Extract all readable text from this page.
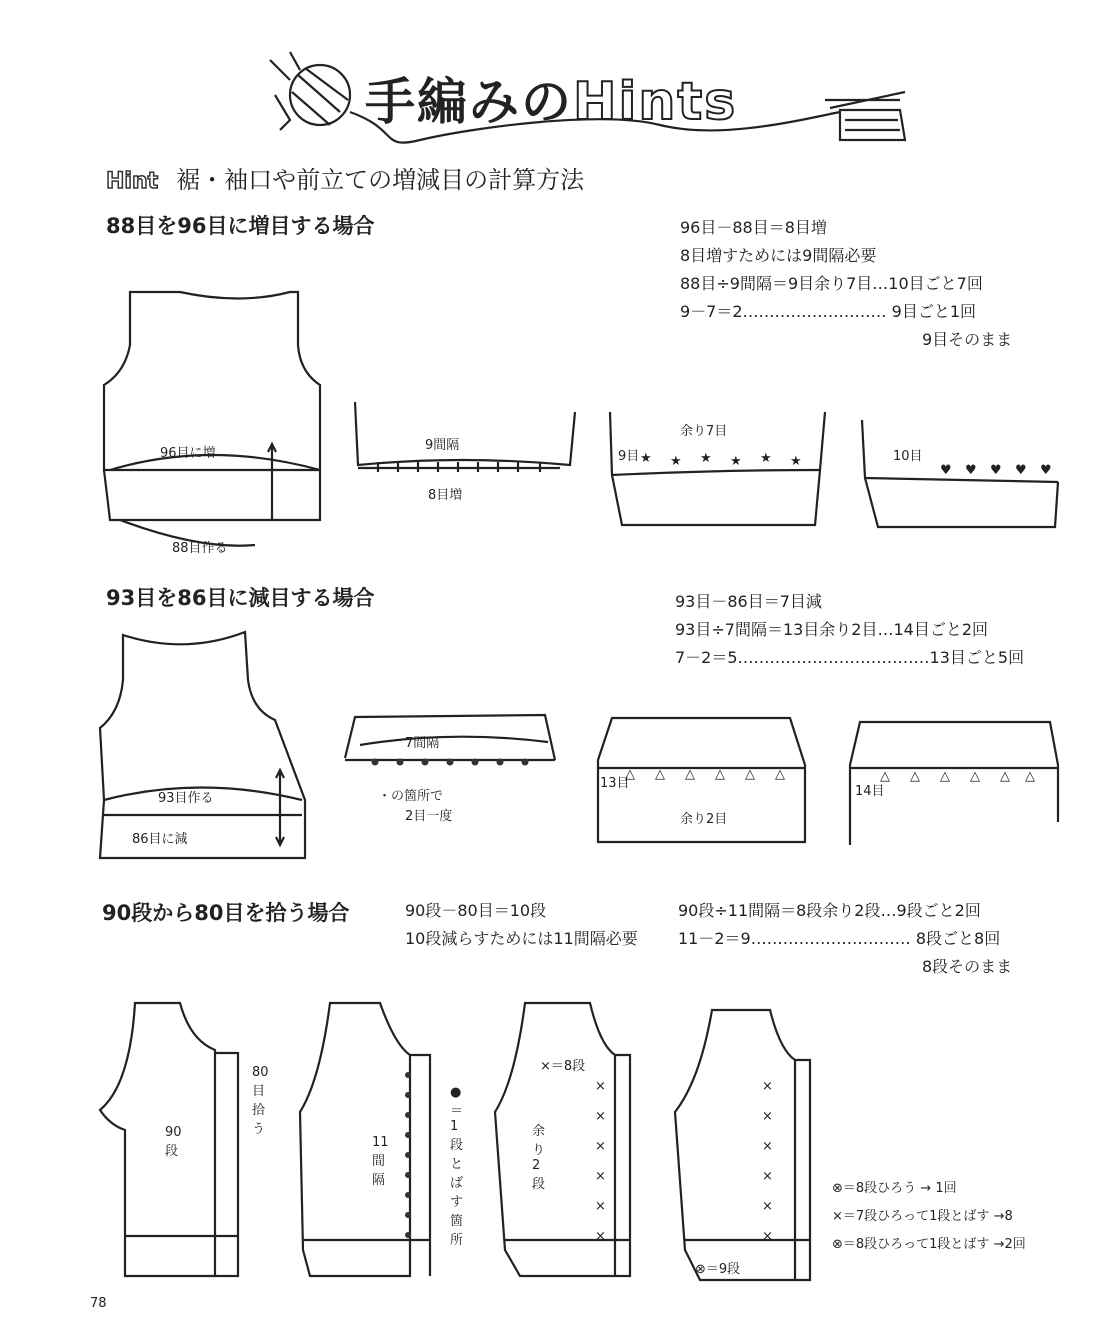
★ ★ ★ ★ ★ ★
♥ ♥ ♥ ♥ ♥
△ △ △ △ △ △	△ △ △ △ △ △
×
×
×
×
×
×
×
×
×
×
×
×
手編みのHints
Hint 裾・袖口や前立ての増減目の計算方法
88目を96目に増目する場合	96目－88目＝8目増
8目増すためには9間隔必要
88目÷9間隔＝9目余り7目…10目ごと7回
9－7＝2……………………… 9目ごと1回
9目そのまま
96目に増
88目作る
9間隔
8目増
余り7目
9目	10目
93目を86目に減目する場合	93目－86目＝7目減
93目÷7間隔＝13目余り2目…14目ごと2回
7－2＝5………………………………13目ごと5回
93目作る
86目に減
7間隔
・の箇所で
2目一度	余り2目
13目
14目
90段から80目を拾う場合	90段－80目＝10段
10段減らすためには11間隔必要
90段÷11間隔＝8段余り2段…9段ごと2回
11－2＝9………………………… 8段ごと8回
8段そのまま
90段
80目拾う
11間隔
●＝1段とばす箇所
×＝8段
余り2段
⊗＝9段
⊗＝8段ひろう → 1回
×＝7段ひろって1段とばす →8
⊗＝8段ひろって1段とばす →2回
78
